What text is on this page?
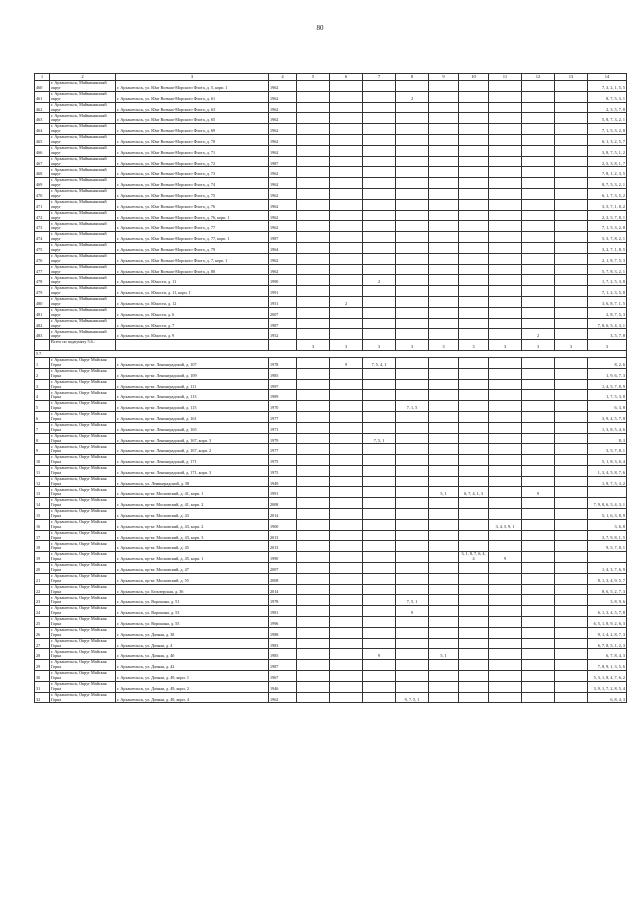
80
1	2	3	4	5	6	7	8	9	10	11	12	13	14
460	г. Архангельск, Майманаксный округ	г. Архангельск, ул. Юнг Военно-Морского Флота, д. 5, корп. 1	1962										7, 3, 2, 1, 5, 5
461	г. Архангельск, Майманаксный округ	г. Архангельск, ул. Юнг Военно-Морского Флота, д. 61	1962				2						8, 7, 5, 3, 1
462	г. Архангельск, Майманаксный округ	г. Архангельск, ул. Юнг Военно-Морского Флота, д. 63	1962										2, 3, 5, 7, 8
463	г. Архангельск, Майманаксный округ	г. Архангельск, ул. Юнг Военно-Морского Флота, д. 65	1962										5, 8, 7, 3, 2, 1
464	г. Архангельск, Майманаксный округ	г. Архангельск, ул. Юнг Военно-Морского Флота, д. 69	1962										7, 1, 5, 3, 2, 8
465	г. Архангельск, Майманаксный округ	г. Архангельск, ул. Юнг Военно-Морского Флота, д. 70	1962										6, 1, 3, 2, 5, 7
466	г. Архангельск, Майманаксный округ	г. Архангельск, ул. Юнг Военно-Морского Флота, д. 71	1962										3, 8, 7, 5, 1, 2
467	г. Архангельск, Майманаксный округ	г. Архангельск, ул. Юнг Военно-Морского Флота, д. 72	1987										2, 5, 3, 8, 1, 7
468	г. Архангельск, Майманаксный округ	г. Архангельск, ул. Юнг Военно-Морского Флота, д. 73	1962										7, 8, 1, 2, 3, 5
469	г. Архангельск, Майманаксный округ	г. Архангельск, ул. Юнг Военно-Морского Флота, д. 74	1962										8, 7, 5, 3, 2, 1
470	г. Архангельск, Майманаксный округ	г. Архангельск, ул. Юнг Военно-Морского Флота, д. 75	1962										6, 1, 7, 3, 5, 2
471	г. Архангельск, Майманаксный округ	г. Архангельск, ул. Юнг Военно-Морского Флота, д. 76	1962										3, 5, 7, 1, 8, 2
472	г. Архангельск, Майманаксный округ	г. Архангельск, ул. Юнг Военно-Морского Флота, д. 76, корп. 1	1962										2, 3, 5, 7, 8, 1
473	г. Архангельск, Майманаксный округ	г. Архангельск, ул. Юнг Военно-Морского Флота, д. 77	1962										7, 1, 5, 3, 2, 8
474	г. Архангельск, Майманаксный округ	г. Архангельск, ул. Юнг Военно-Морского Флота, д. 77, корп. 1	1987										5, 3, 7, 8, 2, 1
475	г. Архангельск, Майманаксный округ	г. Архангельск, ул. Юнг Военно-Морского Флота, д. 79	1964										3, 2, 7, 1, 8, 5
476	г. Архангельск, Майманаксный округ	г. Архангельск, ул. Юнг Военно-Морского Флота, д. 7, корп. 1	1962										2, 1, 8, 7, 5, 3
477	г. Архангельск, Майманаксный округ	г. Архангельск, ул. Юнг Военно-Морского Флота, д. 80	1962										5, 7, 8, 3, 2, 1
478	г. Архангельск, Майманаксный округ	г. Архангельск, ул. Юности, д. 11	1990			2							1, 7, 2, 5, 3, 8
479	г. Архангельск, Майманаксный округ	г. Архангельск, ул. Юности, д. 11, корп. 1	1991										7, 1, 2, 3, 5, 8
480	г. Архангельск, Майманаксный округ	г. Архангельск, ул. Юности, д. 12	1951		2								3, 6, 8, 7, 1, 5
481	г. Архангельск, Майманаксный округ	г. Архангельск, ул. Юности, д. 6	2007										2, 8, 7, 5, 3
482	г. Архангельск, Майманаксный округ	г. Архангельск, ул. Юности, д. 7	1987										7, 8, 6, 5, 4, 3, 1
483	г. Архангельск, Майманаксный округ	г. Архангельск, ул. Юности, д. 9	1952								2		3, 5, 7, 8
	Всего по подпункту 5.6.:			3	3	3	3	3	3	3	3	3	3
5.7.													
1	г. Архангельск, Округ Майская Горка	г. Архангельск, пр-кт. Ленинградский, д. 107	1978		9	7, 5, 4, 1							8, 2, 6
2	г. Архангельск, Округ Майская Горка	г. Архангельск, пр-кт. Ленинградский, д. 109	1985										1, 9, 6, 7, 3
3	г. Архангельск, Округ Майская Горка	г. Архангельск, пр-кт. Ленинградский, д. 111	1997										1, 4, 5, 7, 8, 9
4	г. Архангельск, Округ Майская Горка	г. Архангельск, пр-кт. Ленинградский, д. 113	1989										1, 7, 5, 3, 8
5	г. Архангельск, Округ Майская Горка	г. Архангельск, пр-кт. Ленинградский, д. 115	1970				7, 1, 5						6, 3, 8
6	г. Архангельск, Округ Майская Горка	г. Архангельск, пр-кт. Ленинградский, д. 161	1977										3, 9, 4, 5, 7, 8
7	г. Архангельск, Округ Майская Горка	г. Архангельск, пр-кт. Ленинградский, д. 165	1971										1, 3, 8, 5, 4, 6
8	г. Архангельск, Округ Майская Горка	г. Архангельск, пр-кт. Ленинградский, д. 167, корп. 3	1979			7, 5, 1							8, 3
9	г. Архангельск, Округ Майская Горка	г. Архангельск, пр-кт. Ленинградский, д. 167, корп. 2	1977										3, 5, 7, 8, 1
10	г. Архангельск, Округ Майская Горка	г. Архангельск, пр-кт. Ленинградский, д. 171	1975										5, 1, 8, 3, 6, 4
11	г. Архангельск, Округ Майская Горка	г. Архангельск, пр-кт. Ленинградский, д. 171, корп. 3	1975										1, 3, 4, 5, 8, 7, 6
12	г. Архангельск, Округ Майская Горка	г. Архангельск, ул. Ленинградский, д. 58	1949										1, 9, 7, 5, 3, 2
13	г. Архангельск, Округ Майская Горка	г. Архангельск, пр-кт. Московский, д. 41, корп. 1	1991					5, 1	6, 7, 4, 1, 3		9		
14	г. Архангельск, Округ Майская Горка	г. Архангельск, пр-кт. Московский, д. 41, корп. 2	2008										7, 9, 8, 6, 5, 4, 3, 1
15	г. Архангельск, Округ Майская Горка	г. Архангельск, пр-кт. Московский, д. 43	2014										5, 1, 6, 3, 8, 9
16	г. Архангельск, Округ Майская Горка	г. Архангельск, пр-кт. Московский, д. 43, корп. 2	1900							3, 4, 5, 9, 1			3, 6, 8
17	г. Архангельск, Округ Майская Горка	г. Архангельск, пр-кт. Московский, д. 43, корп. 3	2013										3, 7, 9, 8, 1, 5
18	г. Архангельск, Округ Майская Горка	г. Архангельск, пр-кт. Московский, д. 45	2013										9, 5, 7, 8, 1
19	г. Архангельск, Округ Майская Горка	г. Архангельск, пр-кт. Московский, д. 45, корп. 1	1990						3, 1, 8, 7, 6, 4, 4	9			
20	г. Архангельск, Округ Майская Горка	г. Архангельск, пр-кт. Московский, д. 47	2007										1, 4, 3, 7, 6, 9
21	г. Архангельск, Округ Майская Горка	г. Архангельск, пр-кт. Московский, д. 55	2008										8, 1, 3, 4, 9, 5, 7
22	г. Архангельск, Округ Майская Горка	г. Архангельск, ул. Белозерская, д. 36	2014										8, 6, 5, 2, 7, 3
23	г. Архангельск, Округ Майская Горка	г. Архангельск, ул. Воронина, д. 51	1978				7, 5, 1						3, 8, 9, 6
24	г. Архангельск, Округ Майская Горка	г. Архангельск, ул. Воронина, д. 53	1981				9						6, 1, 3, 4, 5, 7, 8
25	г. Архангельск, Округ Майская Горка	г. Архангельск, ул. Воронина, д. 55	1996										6, 5, 1, 8, 9, 2, 6, 3
26	г. Архангельск, Округ Майская Горка	г. Архангельск, ул. Дачная, д. 38	1988										9, 1, 4, 2, 8, 7, 3
27	г. Архангельск, Округ Майская Горка	г. Архангельск, ул. Дачная, д. 4	1983										6, 7, 8, 5, 1, 2, 3
28	г. Архангельск, Округ Майская Горка	г. Архангельск, ул. Дачная, д. 40	1985			9		5, 1					6, 7, 8, 4, 3
29	г. Архангельск, Округ Майская Горка	г. Архангельск, ул. Дачная, д. 42	1987										7, 8, 9, 1, 3, 5, 6
30	г. Архангельск, Округ Майская Горка	г. Архангельск, ул. Дачная, д. 49, корп. 1	1967										5, 3, 1, 8, 4, 7, 6, 2
31	г. Архангельск, Округ Майская Горка	г. Архангельск, ул. Дачная, д. 49, корп. 2	1946										3, 9, 1, 7, 2, 8, 5, 4
32	г. Архангельск, Округ Майская Горка	г. Архангельск, ул. Дачная, д. 49, корп. 4	1962				9, 7, 5, 1						6, 8, 4, 3
